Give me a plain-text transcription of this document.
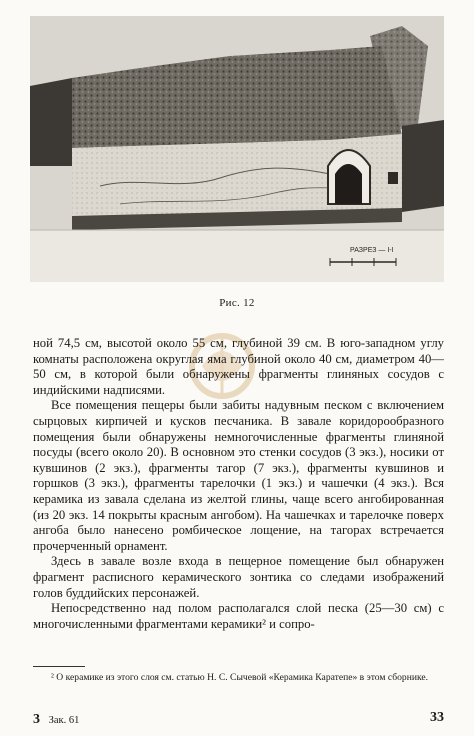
РАЗРЕЗ — I-I
Рис. 12

ной 74,5 см, высотой около 55 см, глубиной 39 см. В юго-западном углу комнаты расположена округлая яма глубиной около 40 см, диаметром 40—50 см, в которой были обнаружены фрагменты глиняных сосудов с индийскими надписями.

Все помещения пещеры были забиты надувным песком с включением сырцовых кирпичей и кусков песчаника. В завале коридорообразного помещения были обнаружены немногочисленные фрагменты глиняной посуды (всего около 20). В основном это стенки сосудов (3 экз.), носики от кувшинов (2 экз.), фрагменты тагор (7 экз.), фрагменты кувшинов и горшков (3 экз.), фрагменты тарелочки (1 экз.) и чашечки (4 экз.). Вся керамика из завала сделана из желтой глины, чаще всего ангобированная (из 20 экз. 14 покрыты красным ангобом). На чашечках и тарелочке поверх ангоба было нанесено ромбическое лощение, на тагорах встречается прочерченный орнамент.

Здесь в завале возле входа в пещерное помещение был обнаружен фрагмент расписного керамического зонтика со следами изображений голов буддийских персонажей.

Непосредственно над полом располагался слой песка (25—30 см) с многочисленными фрагментами керамики² и сопро-

² О керамике из этого слоя см. статью Н. С. Сычевой «Керамика Каратепе» в этом сборнике.
3 Зак. 61	33
